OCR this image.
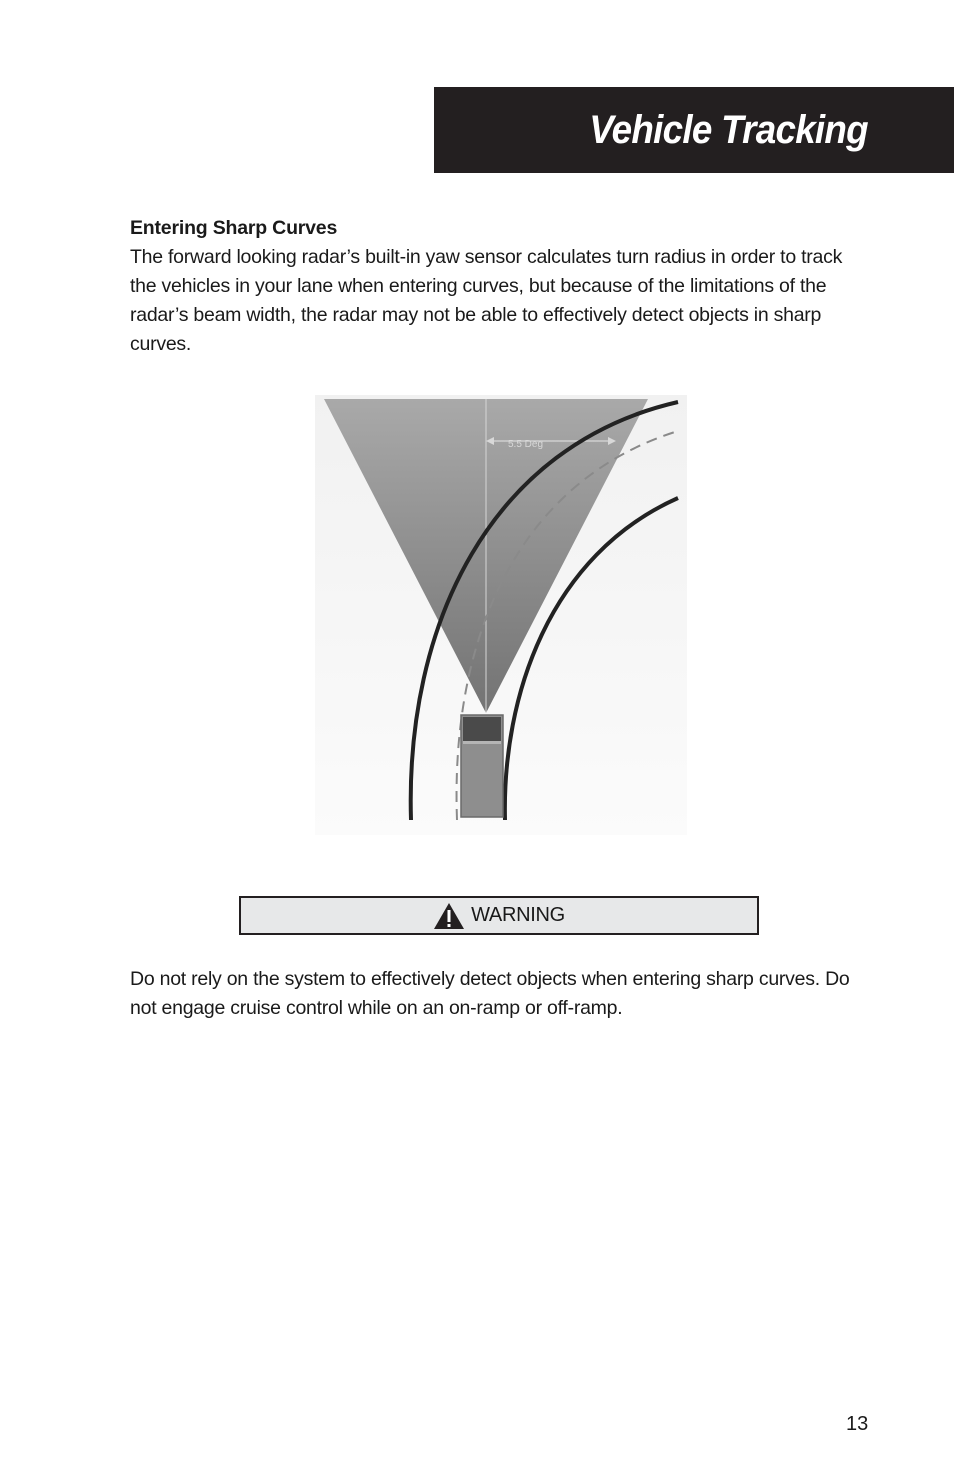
Vehicle Tracking
Entering Sharp Curves

The forward looking radar’s built-in yaw sensor calculates turn radius in order to track the vehicles in your lane when entering curves, but because of the limitations of the radar’s beam width, the radar may not be able to effectively detect objects in sharp curves.

5.5 Deg
WARNING

Do not rely on the system to effectively detect objects when entering sharp curves. Do not engage cruise control while on an on-ramp or off-ramp.

13
